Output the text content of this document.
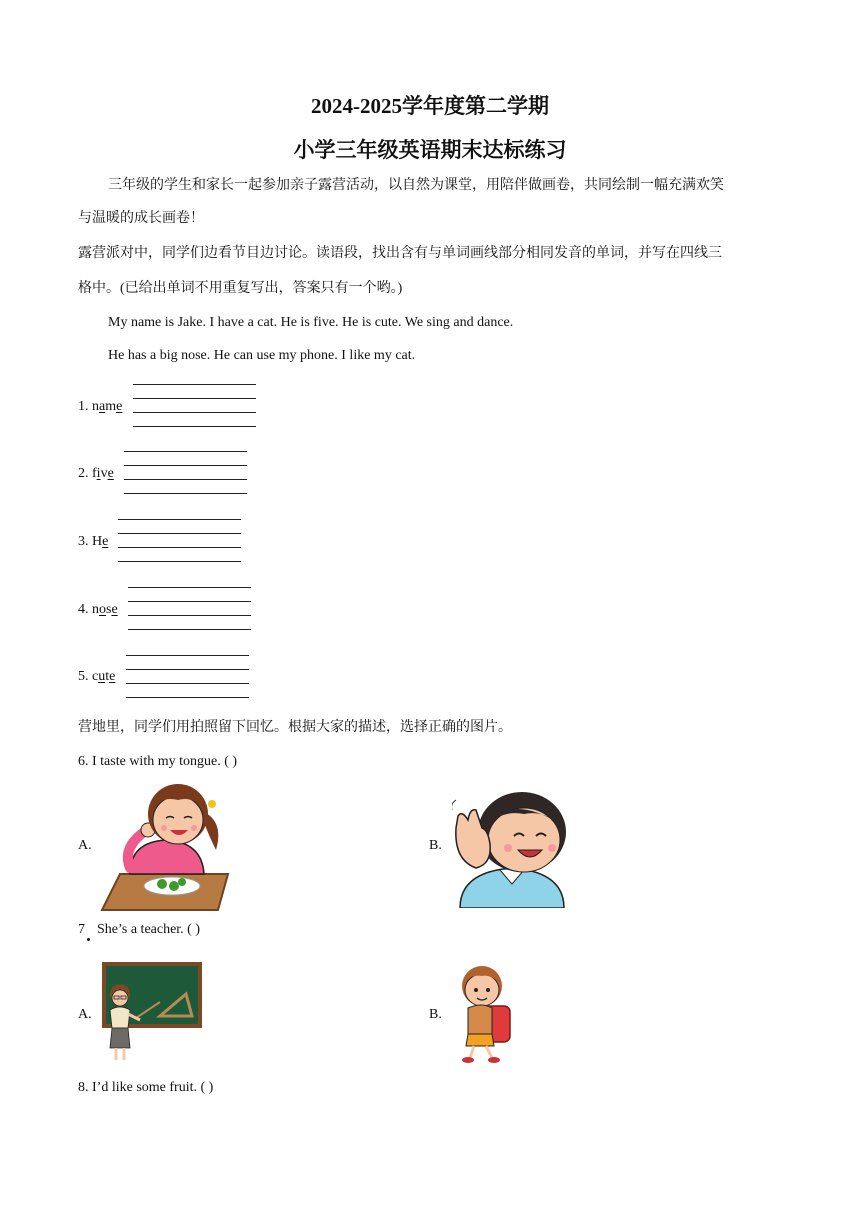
2024-2025学年度第二学期
小学三年级英语期末达标练习
三年级的学生和家长一起参加亲子露营活动，以自然为课堂，用陪伴做画卷，共同绘制一幅充满欢笑
与温暖的成长画卷！
露营派对中，同学们边看节目边讨论。读语段，找出含有与单词画线部分相同发音的单词，并写在四线三
格中。(已给出单词不用重复写出，答案只有一个哟。)
My name is Jake. I have a cat. He is five. He is cute. We sing and dance.
He has a big nose. He can use my phone. I like my cat.
1. name
2. five
3. He
4. nose
5. cute
营地里，同学们用拍照留下回忆。根据大家的描述，选择正确的图片。
6. I taste with my tongue. ( )
A.	B.
7 She’s a teacher. ( )
A.	B.
8. I’d like some fruit. ( )
